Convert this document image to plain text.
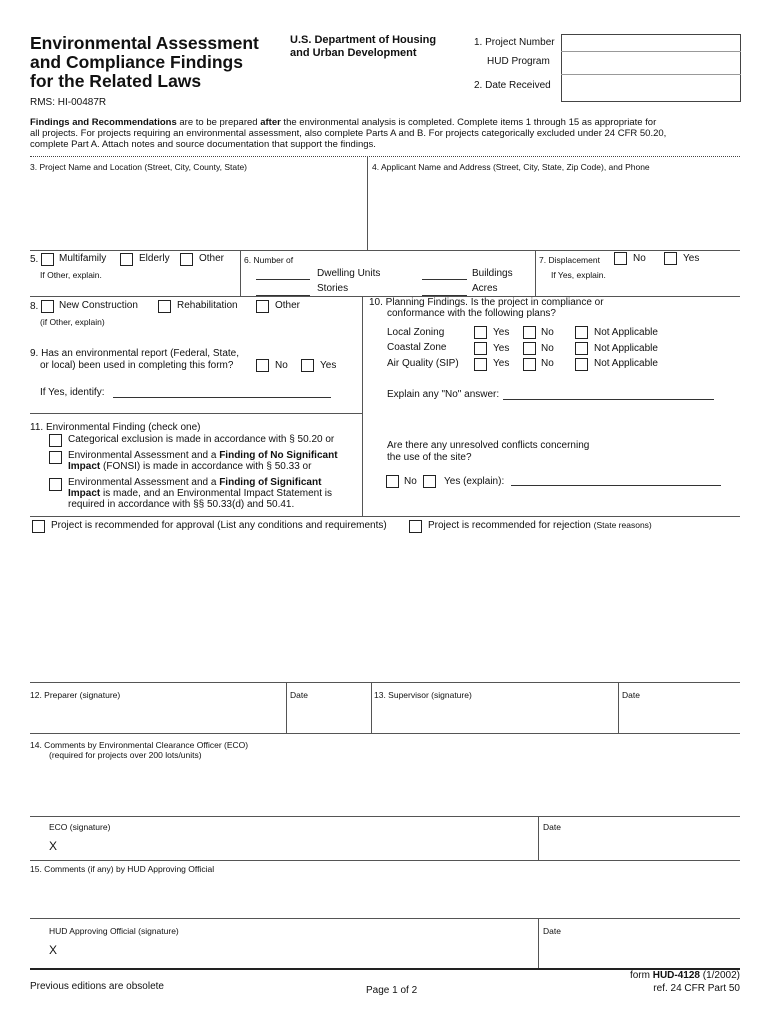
Environmental Assessment
and Compliance Findings
for the Related Laws
U.S. Department of Housing
and Urban Development
1. Project Number
HUD Program
2. Date Received
RMS: HI-00487R
Findings and Recommendations are to be prepared after the environmental analysis is completed. Complete items 1 through 15 as appropriate for
all projects. For projects requiring an environmental assessment, also complete Parts A and B. For projects categorically excluded under 24 CFR 50.20,
complete Part A. Attach notes and source documentation that support the findings.
3. Project Name and Location (Street, City, County, State)	4. Applicant Name and Address (Street, City, State, Zip Code), and Phone
5. Multifamily	Elderly	Other
If Other, explain.
6. Number of
Dwelling Units
Stories
Buildings
Acres
7. Displacement	No	Yes
If Yes, explain.
8. New Construction	Rehabilitation	Other
(if Other, explain)
9. Has an environmental report (Federal, State,
or local) been used in completing this form?	No	Yes
If Yes, identify:
10. Planning Findings. Is the project in compliance or
conformance with the following plans?
Local Zoning	Yes	No	Not Applicable
Coastal Zone	Yes	No	Not Applicable
Air Quality (SIP)	Yes	No	Not Applicable
Explain any "No" answer:
Are there any unresolved conflicts concerning
the use of the site?
No	Yes (explain):
11. Environmental Finding (check one)
Categorical exclusion is made in accordance with § 50.20 or
Environmental Assessment and a Finding of No Significant
Impact (FONSI) is made in accordance with § 50.33 or
Environmental Assessment and a Finding of Significant
Impact is made, and an Environmental Impact Statement is
required in accordance with §§ 50.33(d) and 50.41.
Project is recommended for approval (List any conditions and requirements)	Project is recommended for rejection (State reasons)
12. Preparer (signature)	Date	13. Supervisor (signature)	Date
14. Comments by Environmental Clearance Officer (ECO)
(required for projects over 200 lots/units)
ECO (signature)
X
Date
15. Comments (if any) by HUD Approving Official
HUD Approving Official (signature)
X
Date
Previous editions are obsolete	Page 1 of 2
form HUD-4128 (1/2002)
ref. 24 CFR Part 50
